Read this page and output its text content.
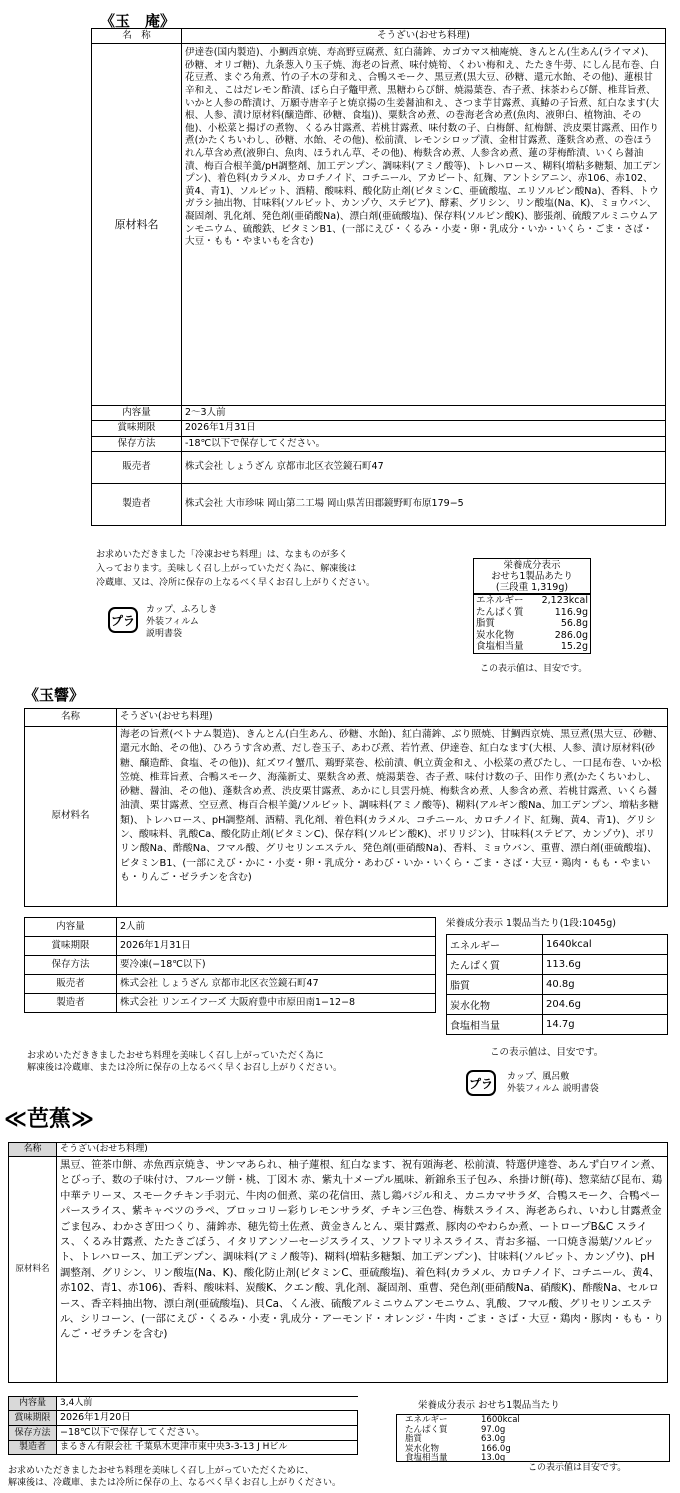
《玉　庵》
名　称	そうざい(おせち料理)
原材料名	伊達巻(国内製造)、小鯛西京焼、寿高野豆腐煮、紅白蒲鉾、カゴカマス柚庵焼、きんとん(生あん(ライマメ)、砂糖、オリゴ糖)、九条葱入り玉子焼、海老の旨煮、味付焼筍、くわい梅和え、たたき牛蒡、にしん昆布巻、白花豆煮、まぐろ角煮、竹の子木の芽和え、合鴨スモーク、黒豆煮(黒大豆、砂糖、還元水飴、その他)、蓮根甘辛和え、こはだレモン酢漬、ぼら白子鼈甲煮、黒糖わらび餅、焼湯葉巻、杏子煮、抹茶わらび餅、椎茸旨煮、いかと人参の酢漬け、万願寺唐辛子と焼京揚の生姜醤油和え、さつま芋甘露煮、真鰆の子旨煮、紅白なます(大根、人参、漬け原材料(醸造酢、砂糖、食塩))、粟麩含め煮、の巻海老含め煮(魚肉、液卵白、植物油、その他)、小松菜と揚げの煮物、くるみ甘露煮、若桃甘露煮、味付数の子、白梅餅、紅梅餅、渋皮栗甘露煮、田作り煮(かたくちいわし、砂糖、水飴、その他)、松前漬、レモンシロップ漬、金柑甘露煮、蓬麩含め煮、の巻ほうれん草含め煮(液卵白、魚肉、ほうれん草、その他)、梅麩含め煮、人参含め煮、蓮の芽梅酢漬、いくら醤油漬、梅百合根羊羹/pH調整剤、加工デンプン、調味料(アミノ酸等)、トレハロース、糊料(増粘多糖類、加工デンプン)、着色料(カラメル、カロチノイド、コチニール、アカビート、紅麹、アントシアニン、赤106、赤102、黄4、青1)、ソルビット、酒精、酸味料、酸化防止剤(ビタミンC、亜硫酸塩、エリソルビン酸Na)、香料、トウガラシ抽出物、甘味料(ソルビット、カンゾウ、ステビア)、酵素、グリシン、リン酸塩(Na、K)、ミョウバン、凝固剤、乳化剤、発色剤(亜硝酸Na)、漂白剤(亜硫酸塩)、保存料(ソルビン酸K)、膨張剤、硫酸アルミニウムアンモニウム、硫酸鉄、ビタミンB1、(一部にえび・くるみ・小麦・卵・乳成分・いか・いくら・ごま・さば・大豆・もも・やまいもを含む)
内容量	2〜3人前
賞味期限	2026年1月31日
保存方法	-18℃以下で保存してください。
販売者	株式会社 しょうざん 京都市北区衣笠鏡石町47
製造者	株式会社 大市珍味 岡山第二工場 岡山県苫田郡鏡野町布原179−5
お求めいただきました「冷凍おせち料理」は、なまものが多く
入っております。美味しく召し上がっていただく為に、解凍後は
冷蔵庫、又は、冷所に保存の上なるべく早くお召し上がりください。
プラ
カップ、ふろしき
外装フィルム
説明書袋
栄養成分表示
おせち1製品あたり
(三段重 1,319g)
エネルギー	2,123kcal
たんぱく質	116.9g
脂質	56.8g
炭水化物	286.0g
食塩相当量	15.2g
この表示値は、目安です。
《玉響》
名称	そうざい(おせち料理)
原材料名	海老の旨煮(ベトナム製造)、きんとん(白生あん、砂糖、水飴)、紅白蒲鉾、ぶり照焼、甘鯛西京焼、黒豆煮(黒大豆、砂糖、還元水飴、その他)、ひろうす含め煮、だし巻玉子、あわび煮、若竹煮、伊達巻、紅白なます(大根、人参、漬け原材料(砂糖、醸造酢、食塩、その他))、紅ズワイ蟹爪、鶏野菜巻、松前漬、帆立黄金和え、小松菜の煮びたし、一口昆布巻、いか松笠焼、椎茸旨煮、合鴨スモーク、海藻新丈、粟麩含め煮、焼湯葉巻、杏子煮、味付け数の子、田作り煮(かたくちいわし、砂糖、醤油、その他)、蓬麩含め煮、渋皮栗甘露煮、あかにし貝雲丹焼、梅麩含め煮、人参含め煮、若桃甘露煮、いくら醤油漬、栗甘露煮、空豆煮、梅百合根羊羹/ソルビット、調味料(アミノ酸等)、糊料(アルギン酸Na、加工デンプン、増粘多糖類)、トレハロース、pH調整剤、酒精、乳化剤、着色料(カラメル、コチニール、カロチノイド、紅麹、黄4、青1)、グリシン、酸味料、乳酸Ca、酸化防止剤(ビタミンC)、保存料(ソルビン酸K)、ポリリジン)、甘味料(ステビア、カンゾウ)、ポリリン酸Na、酢酸Na、フマル酸、グリセリンエステル、発色剤(亜硝酸Na)、香料、ミョウバン、重曹、漂白剤(亜硫酸塩)、ビタミンB1、(一部にえび・かに・小麦・卵・乳成分・あわび・いか・いくら・ごま・さば・大豆・鶏肉・もも・やまいも・りんご・ゼラチンを含む)
内容量	2人前
賞味期限	2026年1月31日
保存方法	要冷凍(−18℃以下)
販売者	株式会社 しょうざん 京都市北区衣笠鏡石町47
製造者	株式会社 リンエイフーズ 大阪府豊中市原田南1−12−8
栄養成分表示 1製品当たり(1段:1045g)
エネルギー	1640kcal
たんぱく質	113.6g
脂質	40.8g
炭水化物	204.6g
食塩相当量	14.7g
この表示値は、目安です。
お求めいただききましたおせち料理を美味しく召し上がっていただく為に
解凍後は冷蔵庫、または冷所に保存の上なるべく早くお召し上がりください。
プラ カップ、風呂敷
外装フィルム 説明書袋
≪芭蕉≫
名称	そうざい(おせち料理)
原材料名	黒豆、笹茶巾餅、赤魚西京焼き、サンマあられ、柚子蓮根、紅白なます、祝有頭海老、松前漬、特選伊達巻、あんず白ワイン煮、とびっ子、数の子味付け、フルーツ餅・桃、丁図木 赤、紫丸十メープル風味、新錦糸玉子包み、糸掛け餅(苺)、惣菜結び昆布、鶏中華テリーヌ、スモークチキン手羽元、牛肉の佃煮、菜の花信田、蒸し鶏バジル和え、カニカマサラダ、合鴨スモーク、合鴨ペーパースライス、紫キャベツのラペ、ブロッコリー彩りレモンサラダ、チキン三色巻、梅麩スライス、海老あられ、いわし甘露煮金ごま包み、わかさぎ田つくり、蒲鉾赤、穂先筍土佐煮、黄金きんとん、栗甘露煮、豚肉のやわらか煮、ートロープB&C スライス、くるみ甘露煮、たたきごぼう、イタリアンソーセージスライス、ソフトマリネスライス、青お多福、一口焼き湯葉/ソルビット、トレハロース、加工デンプン、調味料(アミノ酸等)、糊料(増粘多糖類、加工デンプン)、甘味料(ソルビット、カンゾウ)、pH調整剤、グリシン、リン酸塩(Na、K)、酸化防止剤(ビタミンC、亜硫酸塩)、着色料(カラメル、カロチノイド、コチニール、黄4、赤102、青1、赤106)、香料、酸味料、炭酸K、クエン酸、乳化剤、凝固剤、重曹、発色剤(亜硝酸Na、硝酸K)、酢酸Na、セルロース、香辛料抽出物、漂白剤(亜硫酸塩)、貝Ca、くん液、硫酸アルミニウムアンモニウム、乳酸、フマル酸、グリセリンエステル、シリコーン、(一部にえび・くるみ・小麦・乳成分・アーモンド・オレンジ・牛肉・ごま・さば・大豆・鶏肉・豚肉・もも・りんご・ゼラチンを含む)
内容量	3,4人前
賞味期限	2026年1月20日
保存方法	−18℃以下で保存してください。
製造者	まるきん有限会社 千葉県木更津市東中央3-3-13 J Hビル
栄養成分表示 おせち1製品当たり
エネルギー	1600kcal
たんぱく質	97.0g
脂質	63.0g
炭水化物	166.0g
食塩相当量	13.0g
この表示値は目安です。
お求めいただきましたおせち料理を美味しく召し上がっていただくために、
解凍後は、冷蔵庫、または冷所に保存の上、なるべく早くお召し上がりください。
